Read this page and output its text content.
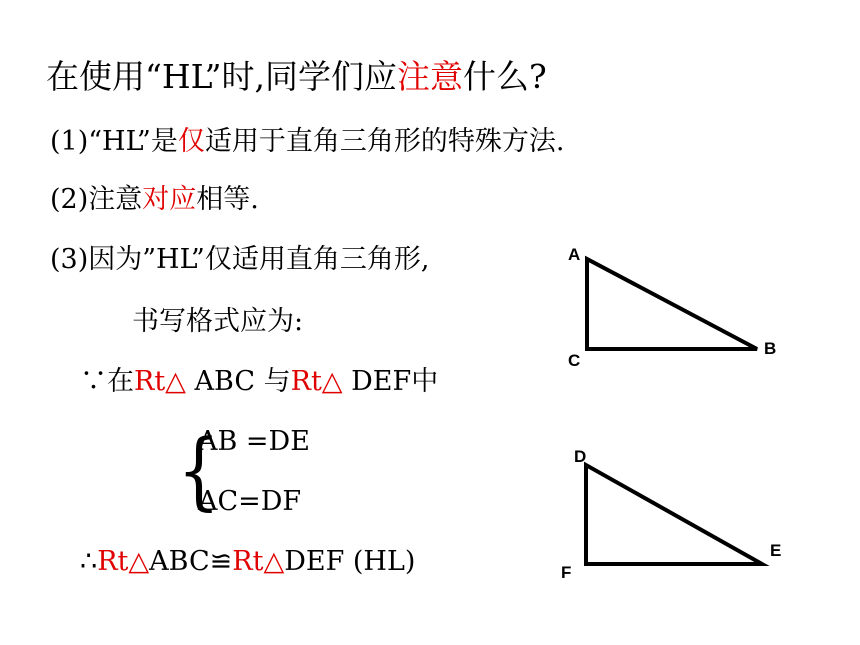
在使用“HL”时,同学们应注意什么?
(1)“HL”是仅适用于直角三角形的特殊方法.
(2)注意对应相等.
(3)因为”HL”仅适用直角三角形,
书写格式应为:
∵在Rt△ ABC 与Rt△ DEF中
{
AB =DE
AC=DF
∴Rt△ABC≌Rt△DEF (HL)
A
B
C
D
E
F
